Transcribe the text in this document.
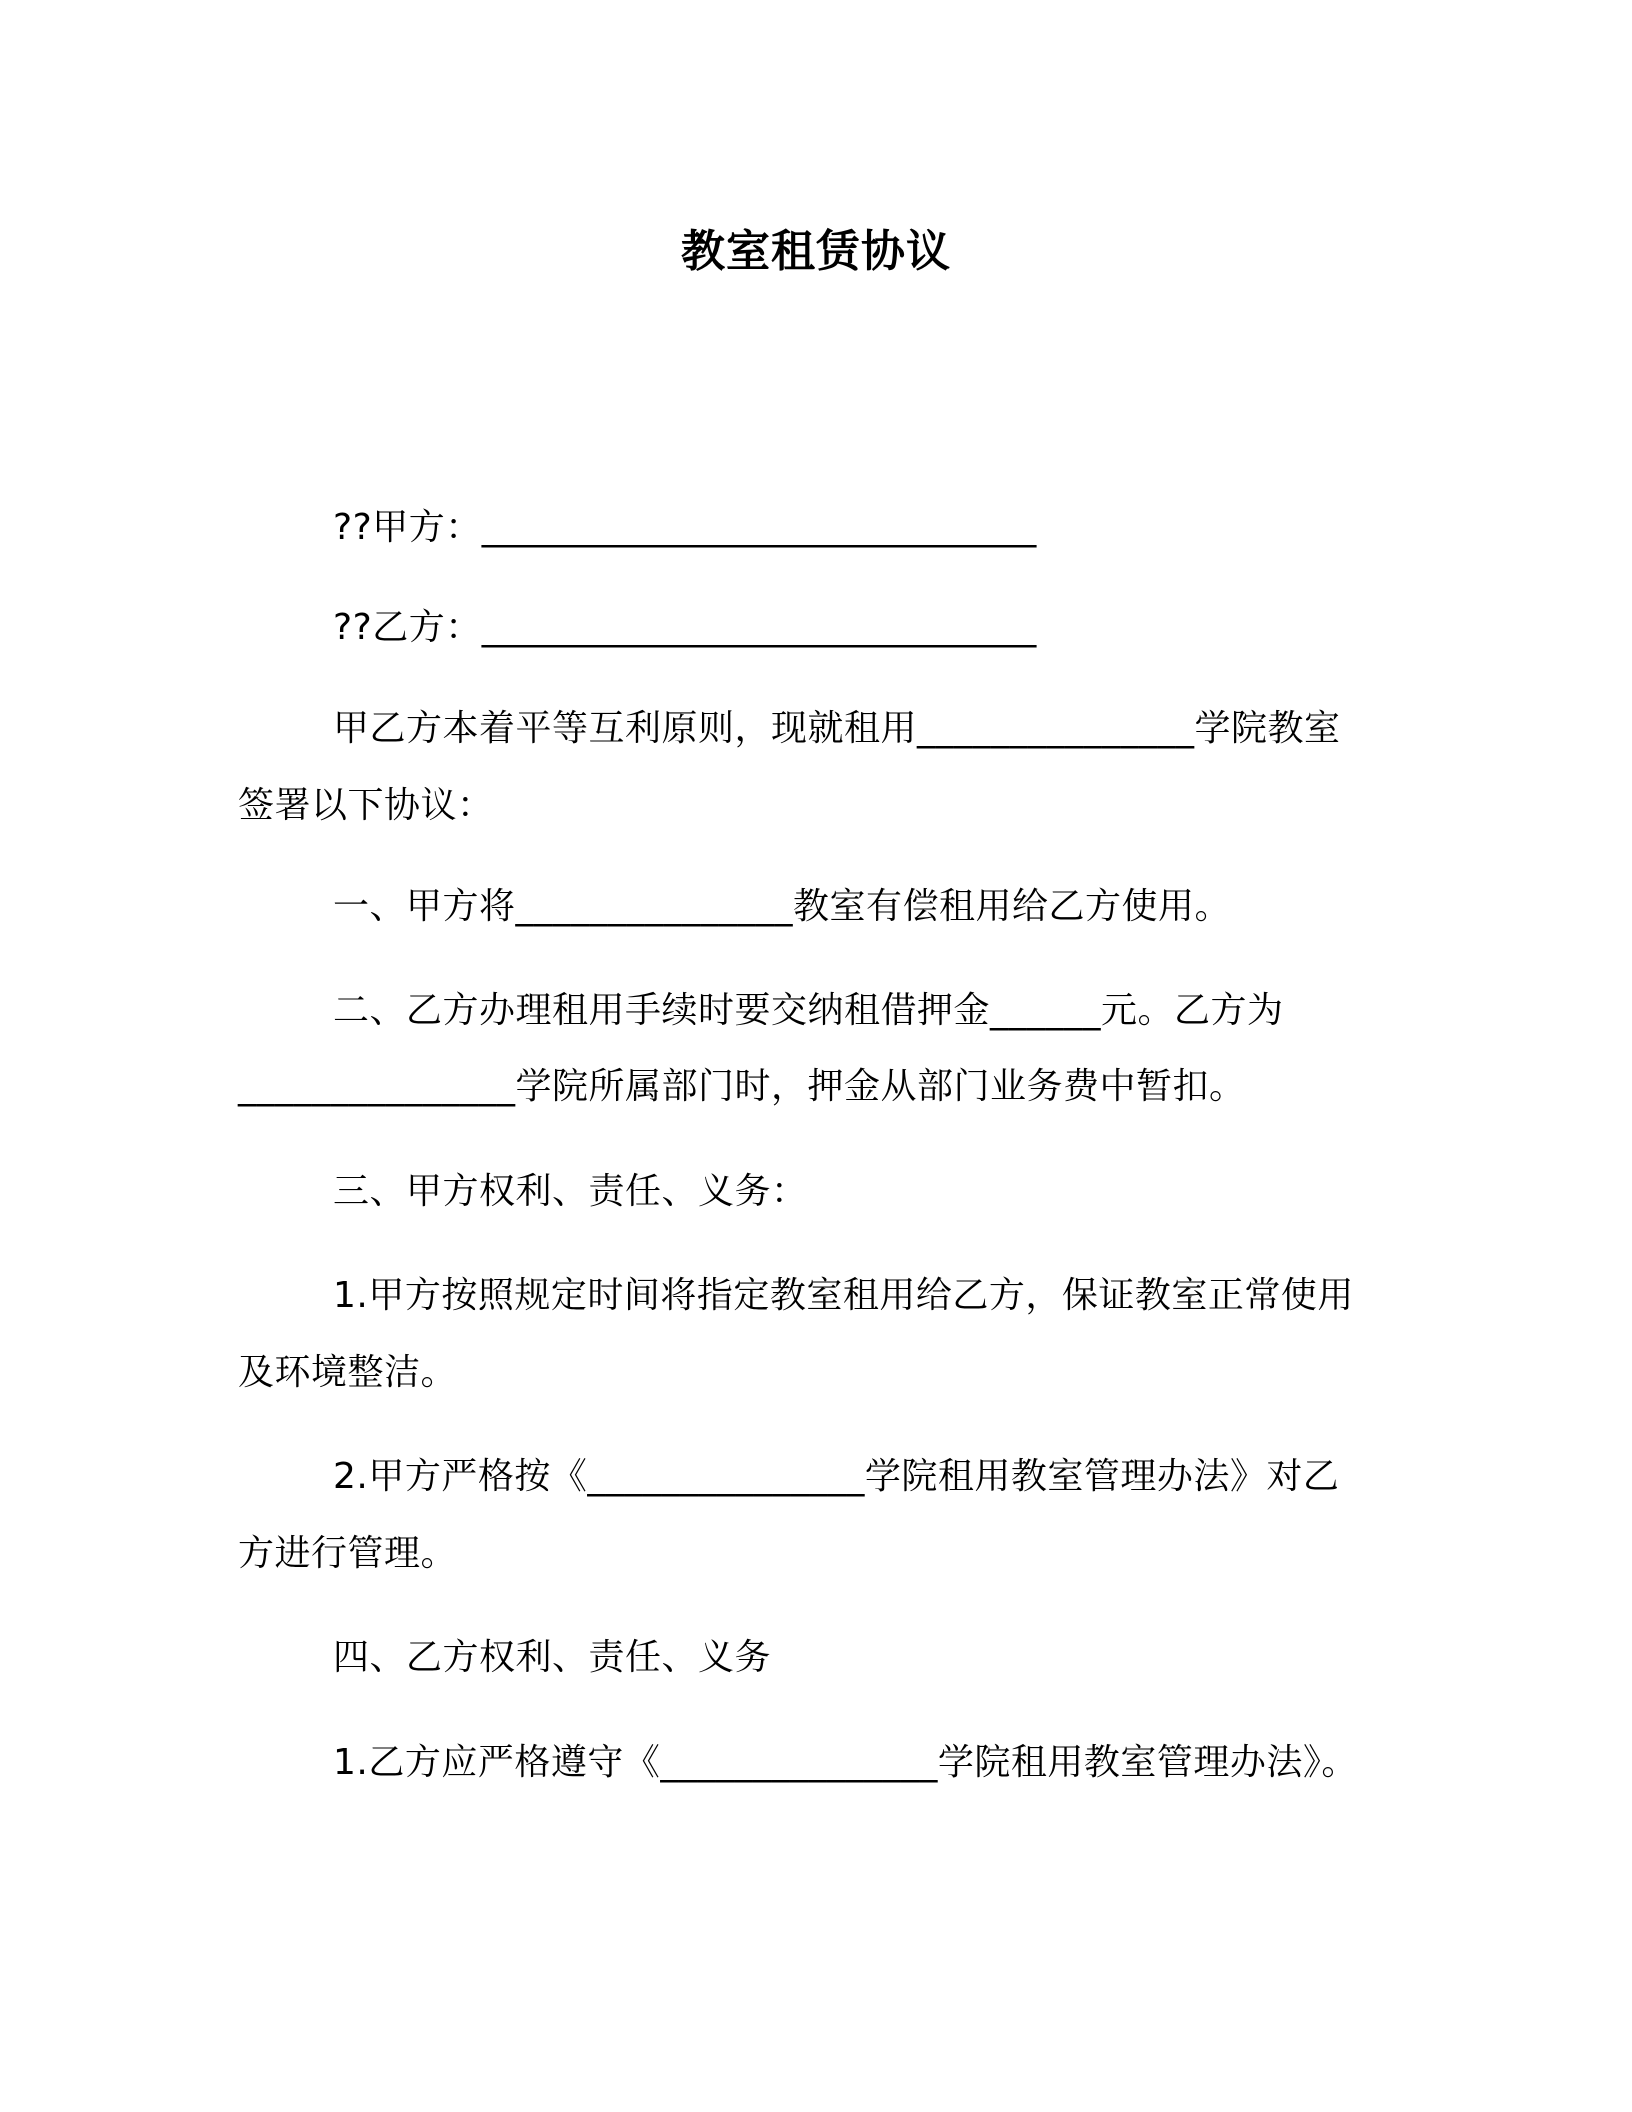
教室租赁协议
??甲方：______________________________
??乙方：______________________________
甲乙方本着平等互利原则，现就租用_______________学院教室
签署以下协议：
一、甲方将_______________教室有偿租用给乙方使用。
二、乙方办理租用手续时要交纳租借押金______元。乙方为
_______________学院所属部门时，押金从部门业务费中暂扣。
三、甲方权利、责任、义务：
1.甲方按照规定时间将指定教室租用给乙方，保证教室正常使用
及环境整洁。
2.甲方严格按《_______________学院租用教室管理办法》对乙
方进行管理。
四、乙方权利、责任、义务
1.乙方应严格遵守《_______________学院租用教室管理办法》。
